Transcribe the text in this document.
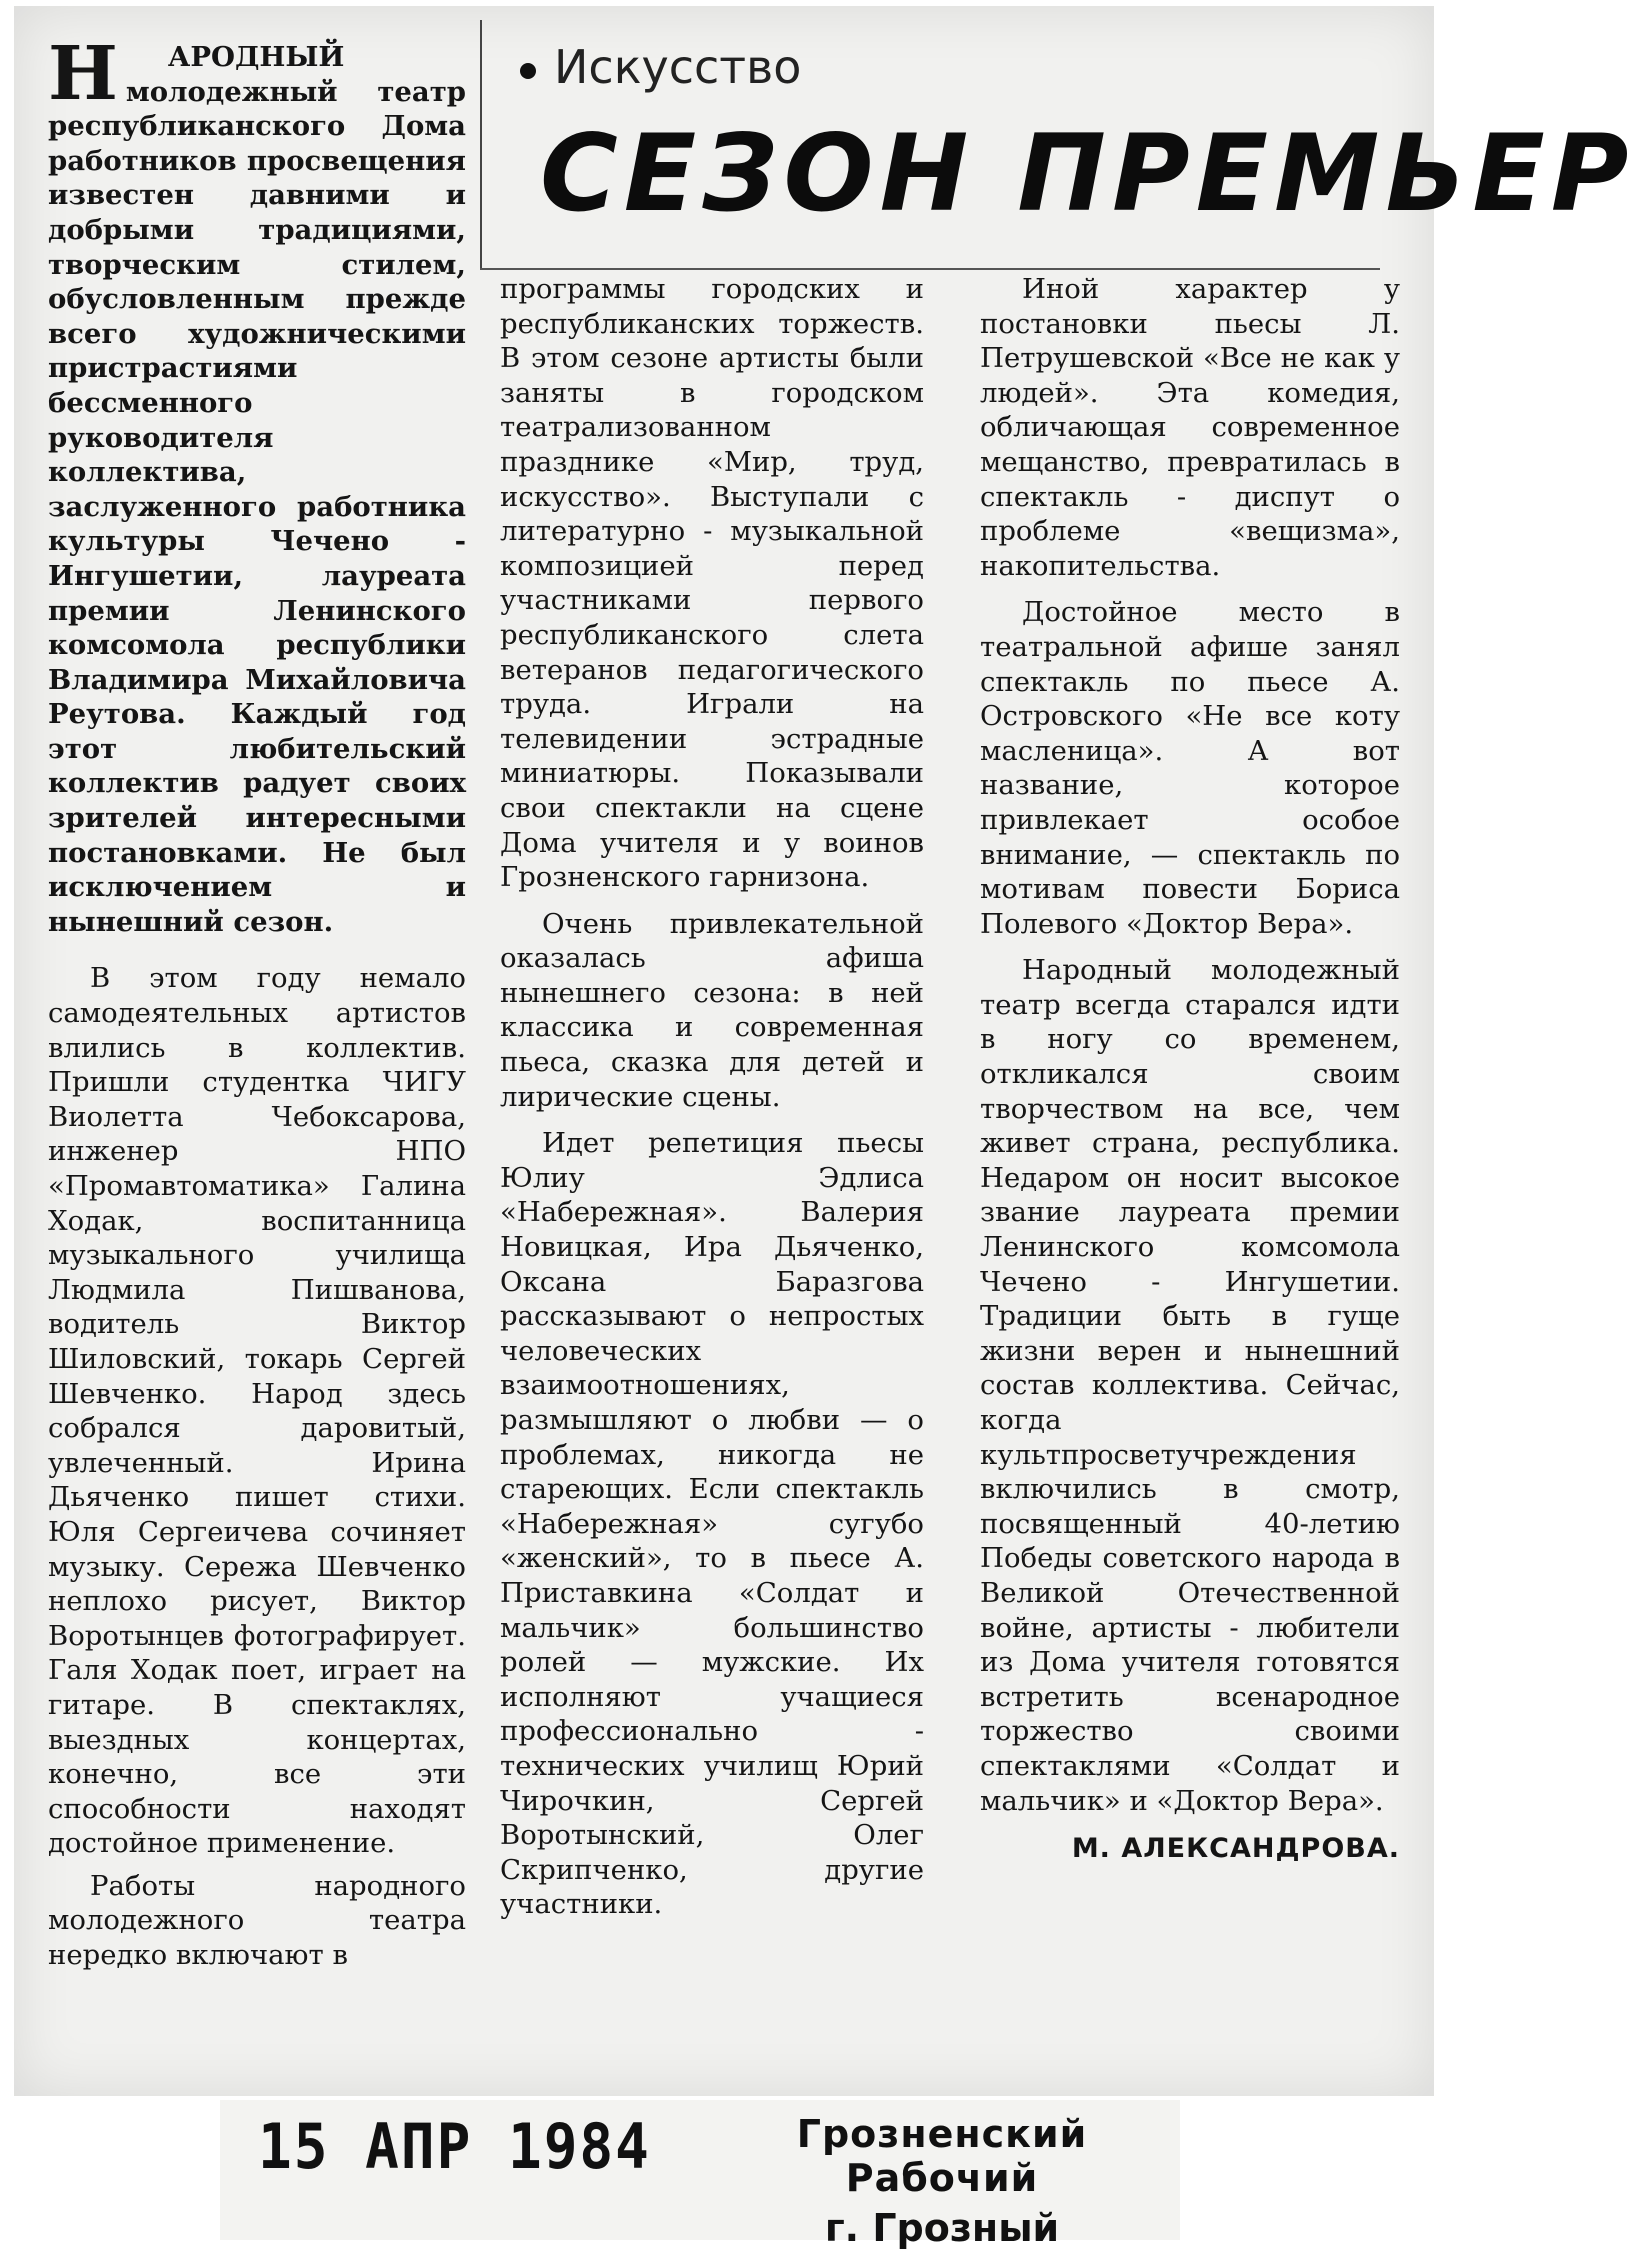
Искусство
СЕЗОН ПРЕМЬЕР

Н АРОДНЫЙ молодежный театр республиканского Дома работников просвещения известен давними и добрыми традициями, творческим стилем, обусловленным прежде всего художническими пристрастиями бессменного руководителя коллектива, заслуженного работника культуры Чечено - Ингушетии, лауреата премии Ленинского комсомола республики Владимира Михайловича Реутова. Каждый год этот любительский коллектив радует своих зрителей интересными постановками. Не был исключением и нынешний сезон.

В этом году немало самодеятельных артистов влились в коллектив. Пришли студентка ЧИГУ Виолетта Чебоксарова, инженер НПО «Промавтоматика» Галина Ходак, воспитанница музыкального училища Людмила Пишванова, водитель Виктор Шиловский, токарь Сергей Шевченко. Народ здесь собрался даровитый, увлеченный. Ирина Дьяченко пишет стихи. Юля Сергеичева сочиняет музыку. Сережа Шевченко неплохо рисует, Виктор Воротынцев фотографирует. Галя Ходак поет, играет на гитаре. В спектаклях, выездных концертах, конечно, все эти способности находят достойное применение.

Работы народного молодежного театра нередко включают в

программы городских и республиканских торжеств. В этом сезоне артисты были заняты в городском театрализованном празднике «Мир, труд, искусство». Выступали с литературно - музыкальной композицией перед участниками первого республиканского слета ветеранов педагогического труда. Играли на телевидении эстрадные миниатюры. Показывали свои спектакли на сцене Дома учителя и у воинов Грозненского гарнизона.

Очень привлекательной оказалась афиша нынешнего сезона: в ней классика и современная пьеса, сказка для детей и лирические сцены.

Идет репетиция пьесы Юлиу Эдлиса «Набережная». Валерия Новицкая, Ира Дьяченко, Оксана Баразгова рассказывают о непростых человеческих взаимоотношениях, размышляют о любви — о проблемах, никогда не стареющих. Если спектакль «Набережная» сугубо «женский», то в пьесе А. Приставкина «Солдат и мальчик» большинство ролей — мужские. Их исполняют учащиеся профессионально - технических училищ Юрий Чирочкин, Сергей Воротынский, Олег Скрипченко, другие участники.

Иной характер у постановки пьесы Л. Петрушевской «Все не как у людей». Эта комедия, обличающая современное мещанство, превратилась в спектакль - диспут о проблеме «вещизма», накопительства.

Достойное место в театральной афише занял спектакль по пьесе А. Островского «Не все коту масленица». А вот название, которое привлекает особое внимание, — спектакль по мотивам повести Бориса Полевого «Доктор Вера».

Народный молодежный театр всегда старался идти в ногу со временем, откликался своим творчеством на все, чем живет страна, республика. Недаром он носит высокое звание лауреата премии Ленинского комсомола Чечено - Ингушетии. Традиции быть в гуще жизни верен и нынешний состав коллектива. Сейчас, когда культпросветучреждения включились в смотр, посвященный 40-летию Победы советского народа в Великой Отечественной войне, артисты - любители из Дома учителя готовятся встретить всенародное торжество своими спектаклями «Солдат и мальчик» и «Доктор Вера».

М. АЛЕКСАНДРОВА.
15 АПР 1984	Грозненский Рабочий
г. Грозный
